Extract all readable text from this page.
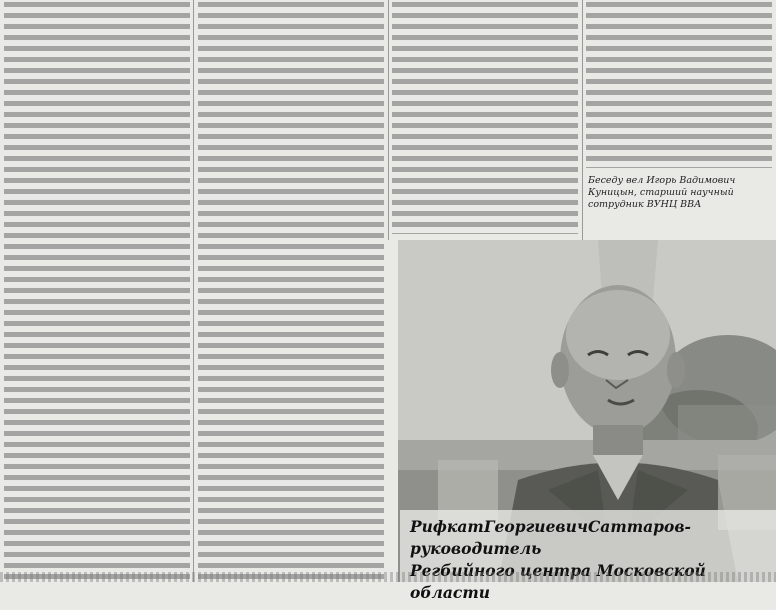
Беседу вел Игорь Вадимович Куницын, старший научный сотрудник ВУНЦ ВВА
РифкатГеоргиевичСаттаров-руководитель
Регбийного центра Московской области
